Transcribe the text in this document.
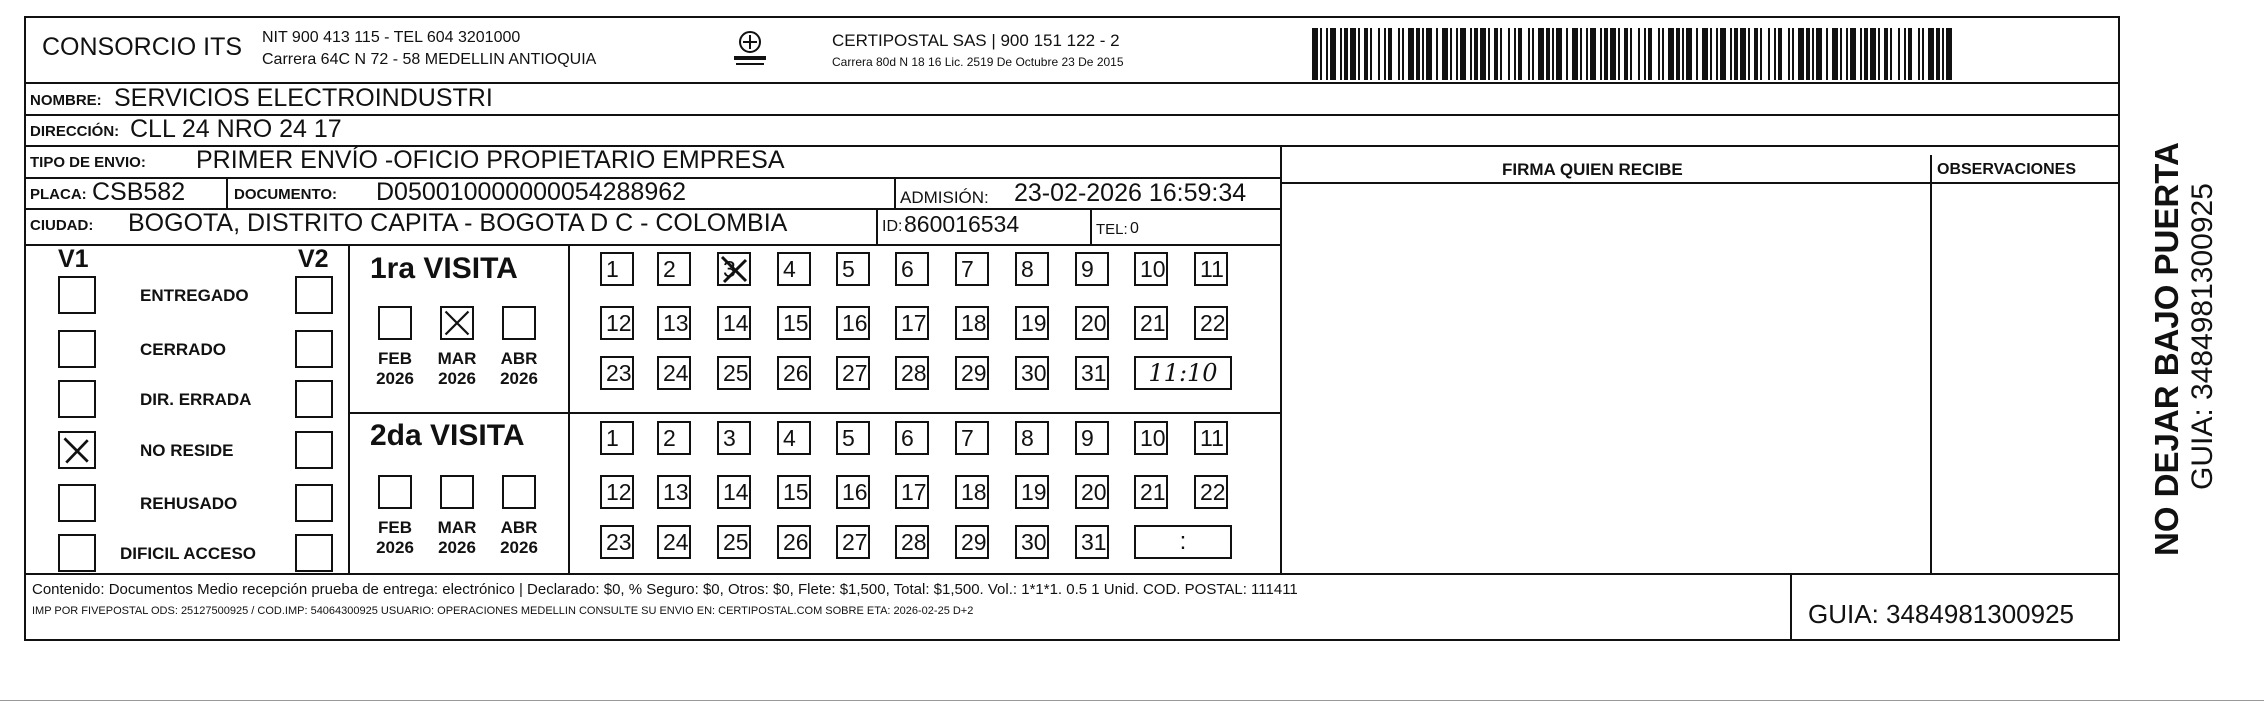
CONSORCIO ITS NIT 900 413 115 - TEL 604 3201000
Carrera 64C N 72 - 58 MEDELLIN ANTIOQUIA
CERTIPOSTAL SAS | 900 151 122 - 2
Carrera 80d N 18 16 Lic. 2519 De Octubre 23 De 2015
NOMBRE: SERVICIOS ELECTROINDUSTRI
DIRECCIÓN: CLL 24 NRO 24 17
TIPO DE ENVIO: PRIMER ENVÍO -OFICIO PROPIETARIO EMPRESA
PLACA: CSB582	DOCUMENTO: D050010000000054288962	ADMISIÓN: 23-02-2026 16:59:34
CIUDAD: BOGOTA, DISTRITO CAPITA - BOGOTA D C - COLOMBIA	ID: 860016534	TEL: 0
FIRMA QUIEN RECIBE	OBSERVACIONES
V1	V2
ENTREGADO
CERRADO
DIR. ERRADA
NO RESIDE
REHUSADO
DIFICIL ACCESO
1ra VISITA
2da VISITA
FEB
2026
MAR
2026
ABR
2026
1	2	3	4	5	6	7	8	9	10 11
12 13 14 15 16 17 18 19 20 21 22
23 24 25 26 27 28 29 30 31	11:10
FEB
2026
MAR
2026
ABR
2026
1	2	3	4	5	6	7	8	9	10 11
12 13 14 15 16 17 18 19 20 21 22
23 24 25 26 27 28 29 30 31	:
Contenido: Documentos Medio recepción prueba de entrega: electrónico | Declarado: $0, % Seguro: $0, Otros: $0, Flete: $1,500, Total: $1,500. Vol.: 1*1*1. 0.5 1 Unid. COD. POSTAL: 111411
IMP POR FIVEPOSTAL ODS: 25127500925 / COD.IMP: 54064300925 USUARIO: OPERACIONES MEDELLIN CONSULTE SU ENVIO EN: CERTIPOSTAL.COM SOBRE ETA: 2026-02-25 D+2	GUIA: 3484981300925
NO DEJAR BAJO PUERTA GUIA: 3484981300925
